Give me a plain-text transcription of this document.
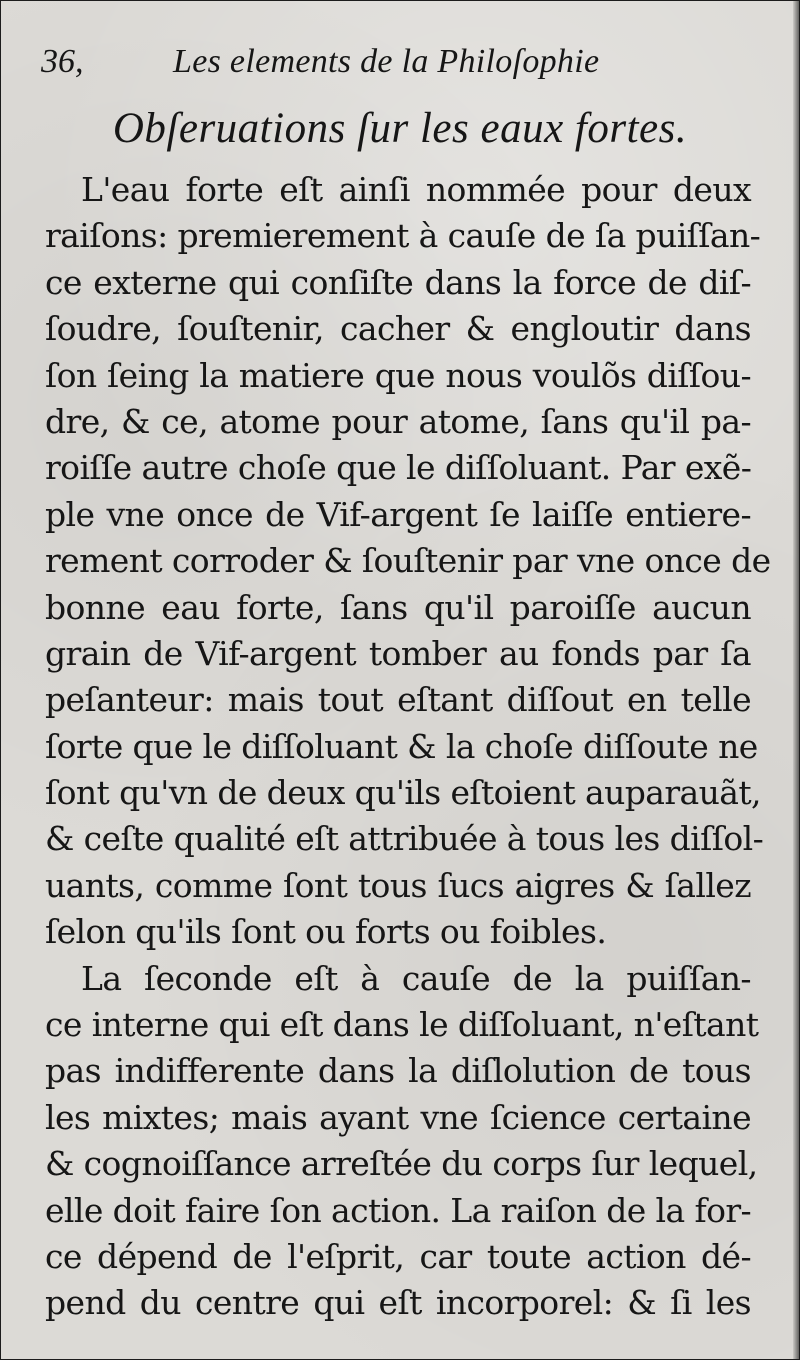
36,	Les elements de la Philoſophie
Obſeruations ſur les eaux fortes.
L'eau forte eſt ainſi nommée pour deux
raiſons: premierement à cauſe de ſa puiſſan-
ce externe qui conſiſte dans la force de diſ-
ſoudre, ſouſtenir, cacher & engloutir dans
ſon ſeing la matiere que nous voulõs diſſou-
dre, & ce, atome pour atome, ſans qu'il pa-
roiſſe autre choſe que le diſſoluant. Par exẽ-
ple vne once de Vif-argent ſe laiſſe entiere-
rement corroder & ſouſtenir par vne once de
bonne eau forte, ſans qu'il paroiſſe aucun
grain de Vif-argent tomber au fonds par ſa
peſanteur: mais tout eſtant diſſout en telle
ſorte que le diſſoluant & la choſe diſſoute ne
ſont qu'vn de deux qu'ils eſtoient auparauãt,
& ceſte qualité eſt attribuée à tous les diſſol-
uants, comme ſont tous ſucs aigres & ſallez
ſelon qu'ils ſont ou forts ou foibles.
La ſeconde eſt à cauſe de la puiſſan-
ce interne qui eſt dans le diſſoluant, n'eſtant
pas indifferente dans la diſlolution de tous
les mixtes; mais ayant vne ſcience certaine
& cognoiſſance arreſtée du corps ſur lequel,
elle doit faire ſon action. La raiſon de la for-
ce dépend de l'eſprit, car toute action dé-
pend du centre qui eſt incorporel: & ſi les
